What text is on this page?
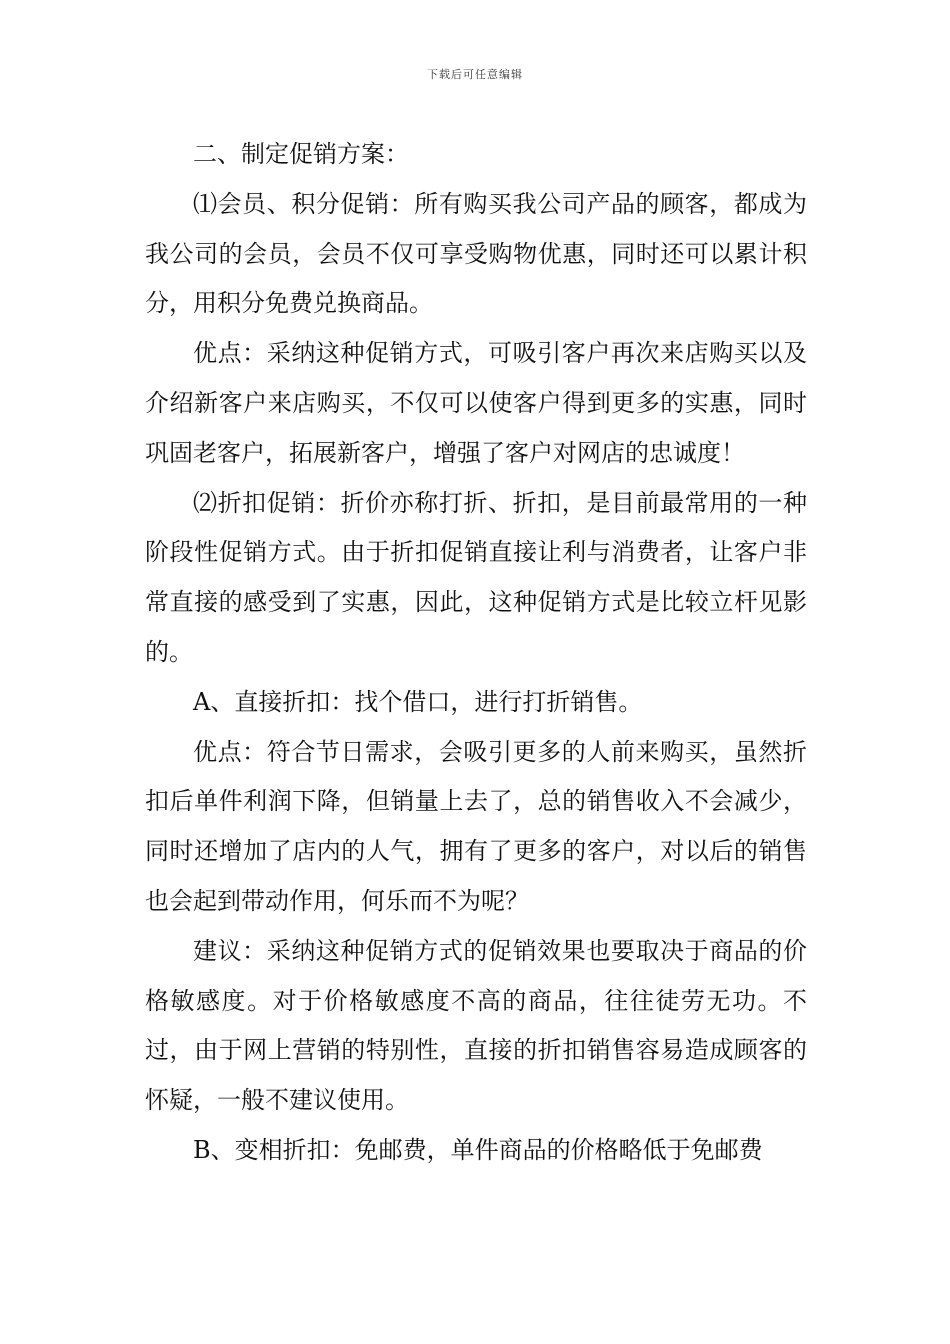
下载后可任意编辑

二、制定促销方案：

⑴会员、积分促销：所有购买我公司产品的顾客，都成为我公司的会员，会员不仅可享受购物优惠，同时还可以累计积分，用积分免费兑换商品。

优点：采纳这种促销方式，可吸引客户再次来店购买以及介绍新客户来店购买，不仅可以使客户得到更多的实惠，同时巩固老客户，拓展新客户，增强了客户对网店的忠诚度！

⑵折扣促销：折价亦称打折、折扣，是目前最常用的一种阶段性促销方式。由于折扣促销直接让利与消费者，让客户非常直接的感受到了实惠，因此，这种促销方式是比较立杆见影的。

A、直接折扣：找个借口，进行打折销售。

优点：符合节日需求，会吸引更多的人前来购买，虽然折扣后单件利润下降，但销量上去了，总的销售收入不会减少，同时还增加了店内的人气，拥有了更多的客户，对以后的销售也会起到带动作用，何乐而不为呢？

建议：采纳这种促销方式的促销效果也要取决于商品的价格敏感度。对于价格敏感度不高的商品，往往徒劳无功。不过，由于网上营销的特别性，直接的折扣销售容易造成顾客的怀疑，一般不建议使用。

B、变相折扣：免邮费，单件商品的价格略低于免邮费
